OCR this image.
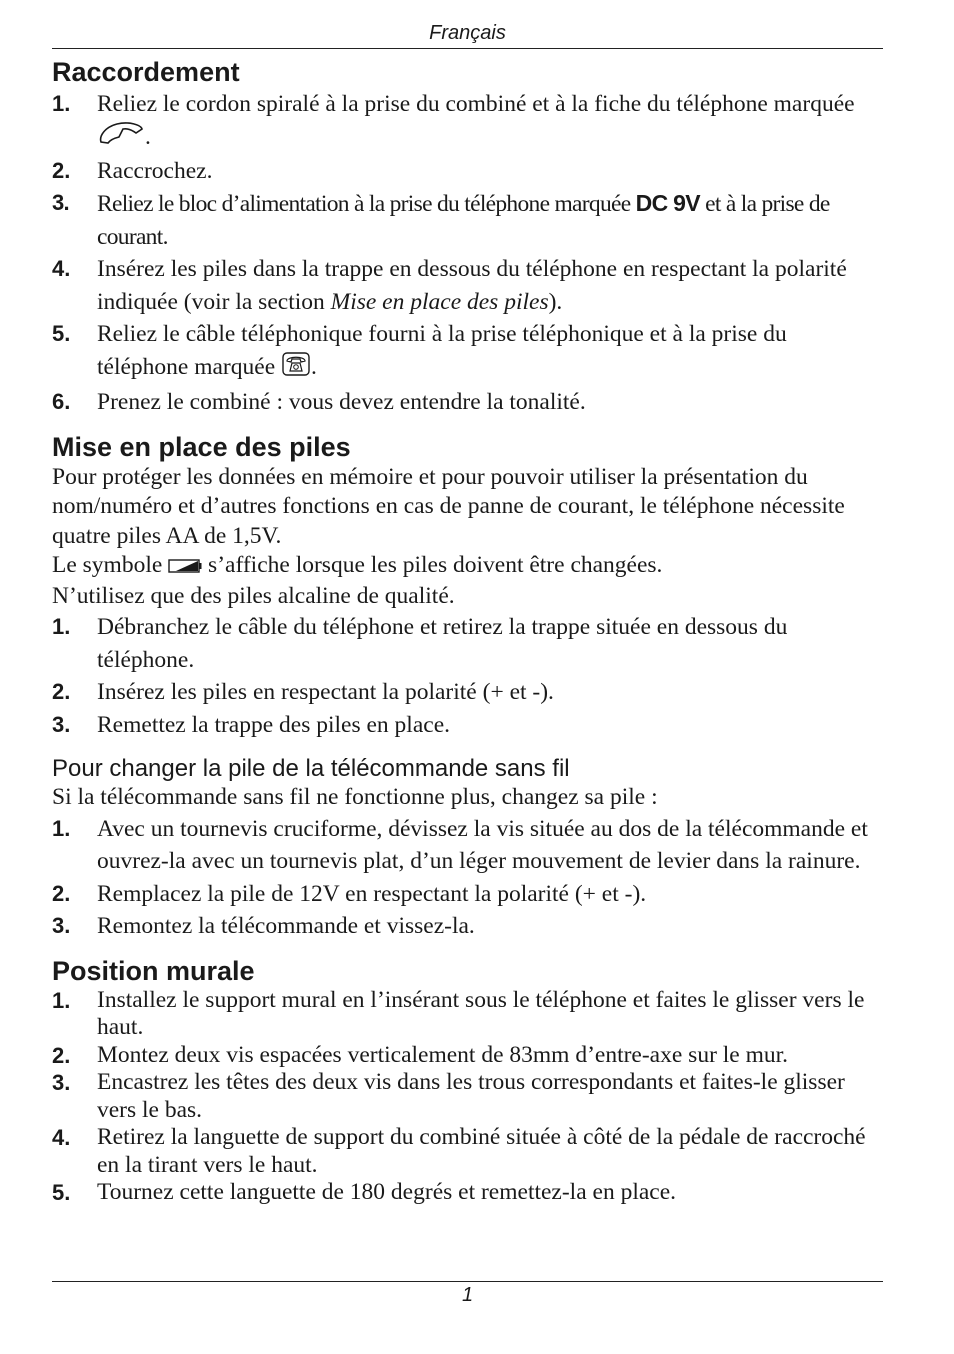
Français
Raccordement
1. Reliez le cordon spiralé à la prise du combiné et à la fiche du téléphone marquée .
2. Raccrochez.
3. Reliez le bloc d’alimentation à la prise du téléphone marquée DC 9V et à la prise de courant.
4. Insérez les piles dans la trappe en dessous du téléphone en respectant la polarité indiquée (voir la section Mise en place des piles).
5. Reliez le câble téléphonique fourni à la prise téléphonique et à la prise du téléphone marquée .
6. Prenez le combiné : vous devez entendre la tonalité.
Mise en place des piles

Pour protéger les données en mémoire et pour pouvoir utiliser la présentation du nom/numéro et d’autres fonctions en cas de panne de courant, le téléphone nécessite quatre piles AA de 1,5V.

Le symbole s’affiche lorsque les piles doivent être changées.

N’utilisez que des piles alcaline de qualité.

1. Débranchez le câble du téléphone et retirez la trappe située en dessous du téléphone.
2. Insérez les piles en respectant la polarité (+ et -).
3. Remettez la trappe des piles en place.
Pour changer la pile de la télécommande sans fil

Si la télécommande sans fil ne fonctionne plus, changez sa pile :

1. Avec un tournevis cruciforme, dévissez la vis située au dos de la télécommande et ouvrez-la avec un tournevis plat, d’un léger mouvement de levier dans la rainure.
2. Remplacez la pile de 12V en respectant la polarité (+ et -).
3. Remontez la télécommande et vissez-la.
Position murale
1. Installez le support mural en l’insérant sous le téléphone et faites le glisser vers le haut.
2. Montez deux vis espacées verticalement de 83mm d’entre-axe sur le mur.
3. Encastrez les têtes des deux vis dans les trous correspondants et faites-le glisser vers le bas.
4. Retirez la languette de support du combiné située à côté de la pédale de raccroché en la tirant vers le haut.
5. Tournez cette languette de 180 degrés et remettez-la en place.
1
